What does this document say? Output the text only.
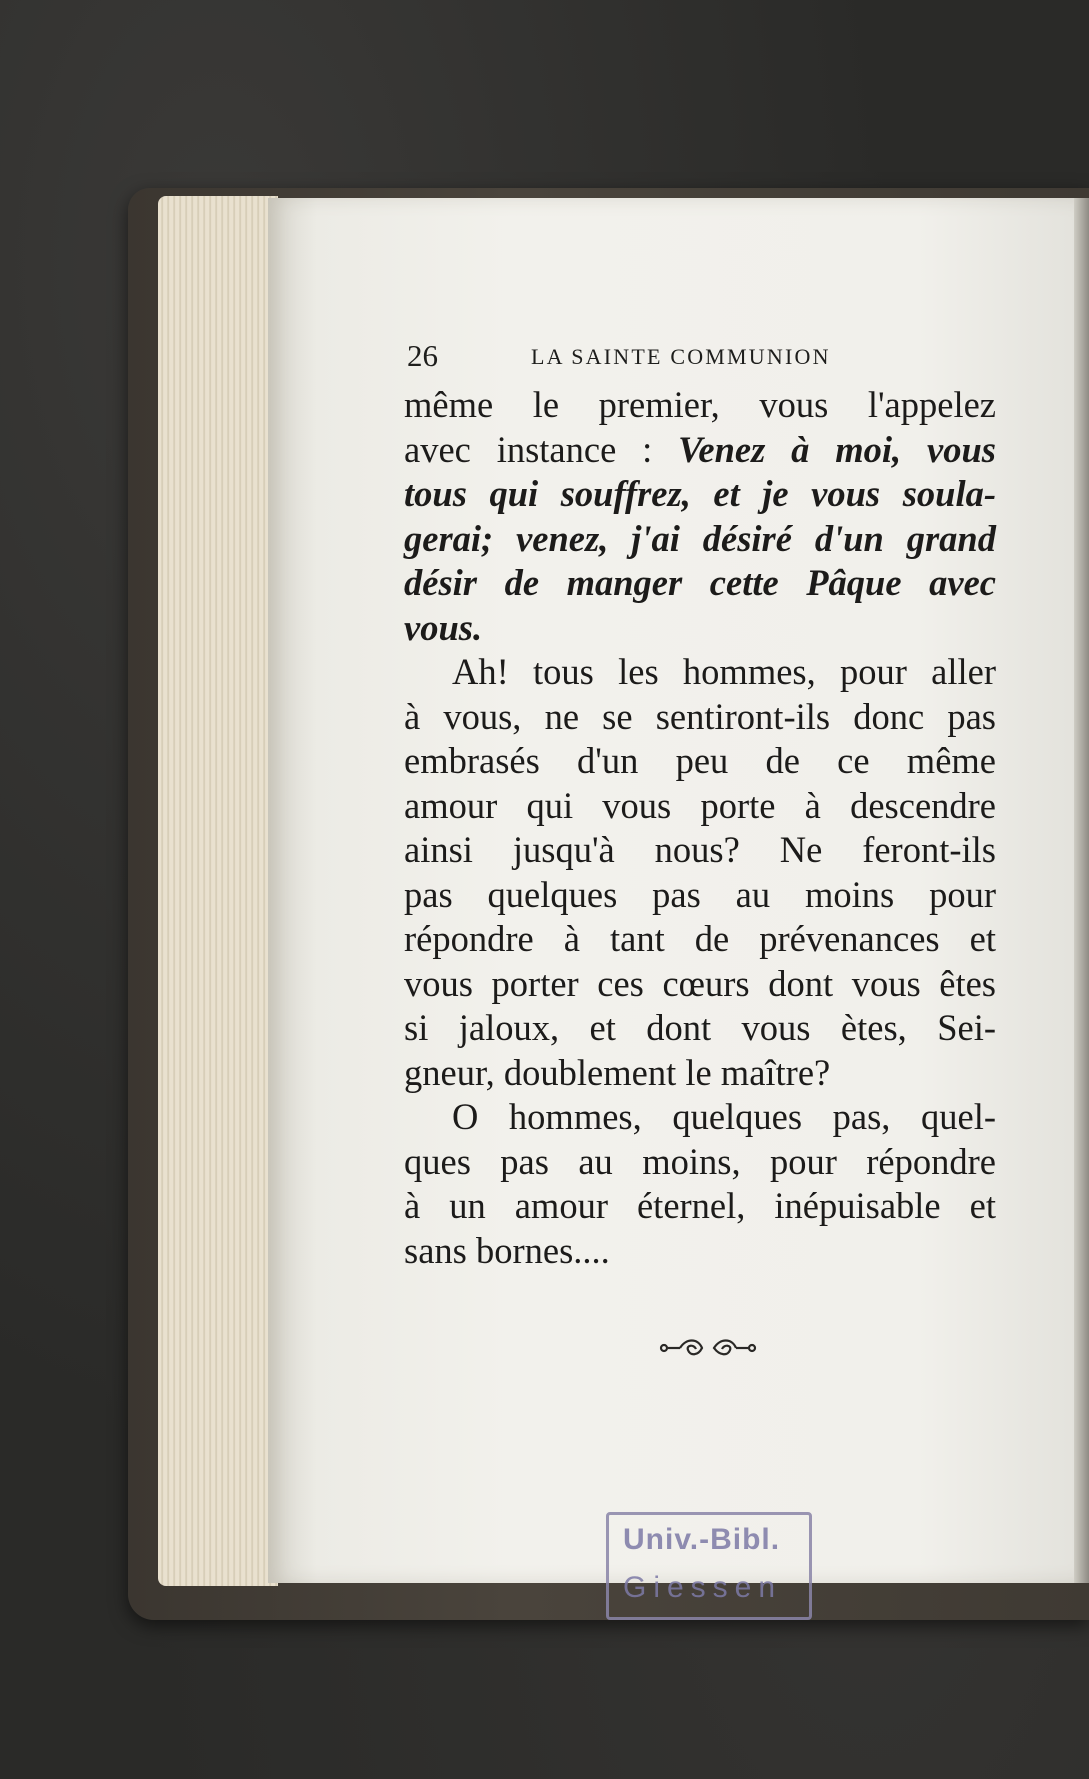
26	LA SAINTE COMMUNION
même le premier, vous l'appelez
avec instance : Venez à moi, vous
tous qui souffrez, et je vous soula-
gerai; venez, j'ai désiré d'un grand
désir de manger cette Pâque avec
vous.
Ah! tous les hommes, pour aller
à vous, ne se sentiront-ils donc pas
embrasés d'un peu de ce même
amour qui vous porte à descendre
ainsi jusqu'à nous? Ne feront-ils
pas quelques pas au moins pour
répondre à tant de prévenances et
vous porter ces cœurs dont vous êtes
si jaloux, et dont vous ètes, Sei-
gneur, doublement le maître?
O hommes, quelques pas, quel-
ques pas au moins, pour répondre
à un amour éternel, inépuisable et
sans bornes....
Univ.-Bibl.
Giessen
